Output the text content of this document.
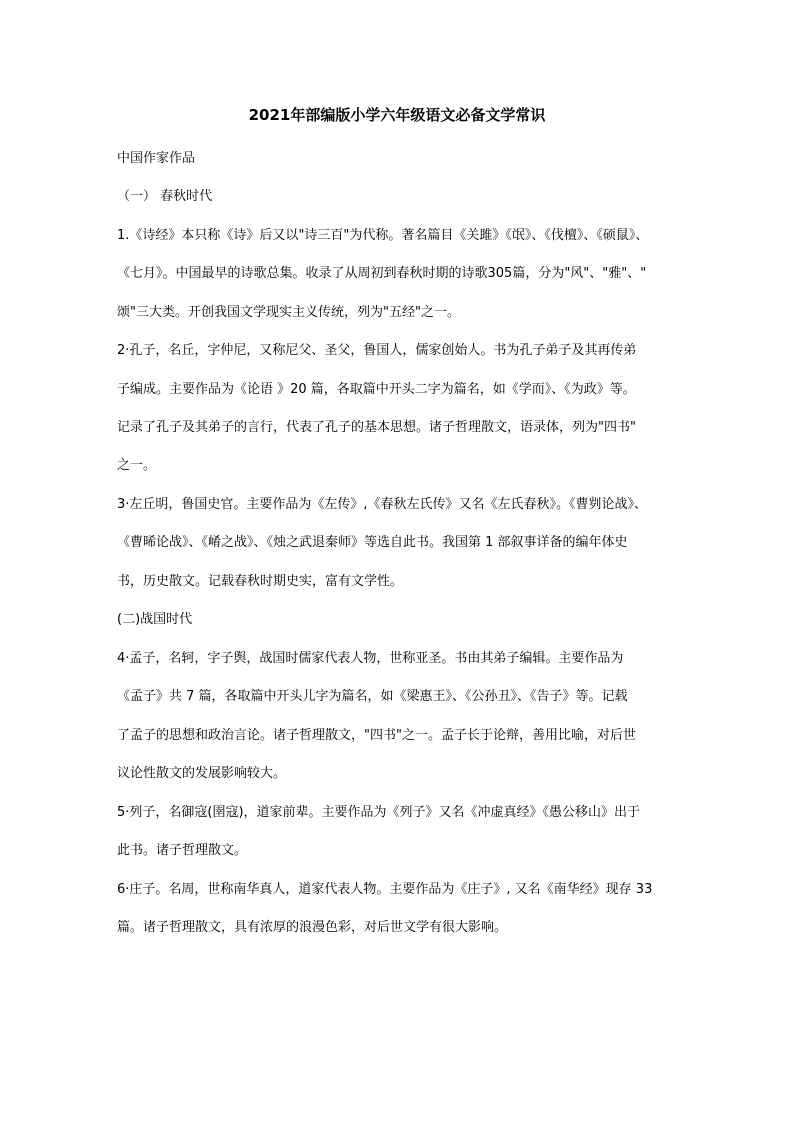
2021年部编版小学六年级语文必备文学常识
中国作家作品
（一） 春秋时代
1.《诗经》本只称《诗》后又以"诗三百"为代称。著名篇目《关雎》《氓》、《伐檀》、《硕鼠》、
《七月》。中国最早的诗歌总集。收录了从周初到春秋时期的诗歌305篇，分为"风"、"雅"、"
颂"三大类。开创我国文学现实主义传统，列为"五经"之一。
2·孔子，名丘，字仲尼，又称尼父、圣父，鲁国人，儒家创始人。书为孔子弟子及其再传弟
子编成。主要作品为《论语 》20 篇，各取篇中开头二字为篇名，如《学而》、《为政》等。
记录了孔子及其弟子的言行，代表了孔子的基本思想。诸子哲理散文，语录体，列为"四书"
之一。
3·左丘明，鲁国史官。主要作品为《左传》,《春秋左氏传》又名《左氏春秋》。《曹刿论战》、
《曹晞论战》、《崤之战》、《烛之武退秦师》等选自此书。我国第 1 部叙事详备的编年体史
书，历史散文。记载春秋时期史实，富有文学性。
(二)战国时代
4·孟子，名轲，字子舆，战国时儒家代表人物，世称亚圣。书由其弟子编辑。主要作品为
《孟子》共 7 篇，各取篇中开头儿字为篇名，如《梁惠王》、《公孙丑》、《告子》等。记载
了孟子的思想和政治言论。诸子哲理散文，"四书"之一。孟子长于论辩，善用比喻，对后世
议论性散文的发展影响较大。
5·列子，名御寇(圉寇)，道家前辈。主要作品为《列子》又名《冲虚真经》《愚公移山》出于
此书。诸子哲理散文。
6·庄子。名周，世称南华真人，道家代表人物。主要作品为《庄子》, 又名《南华经》现存 33
篇。诸子哲理散文，具有浓厚的浪漫色彩，对后世文学有很大影响。
